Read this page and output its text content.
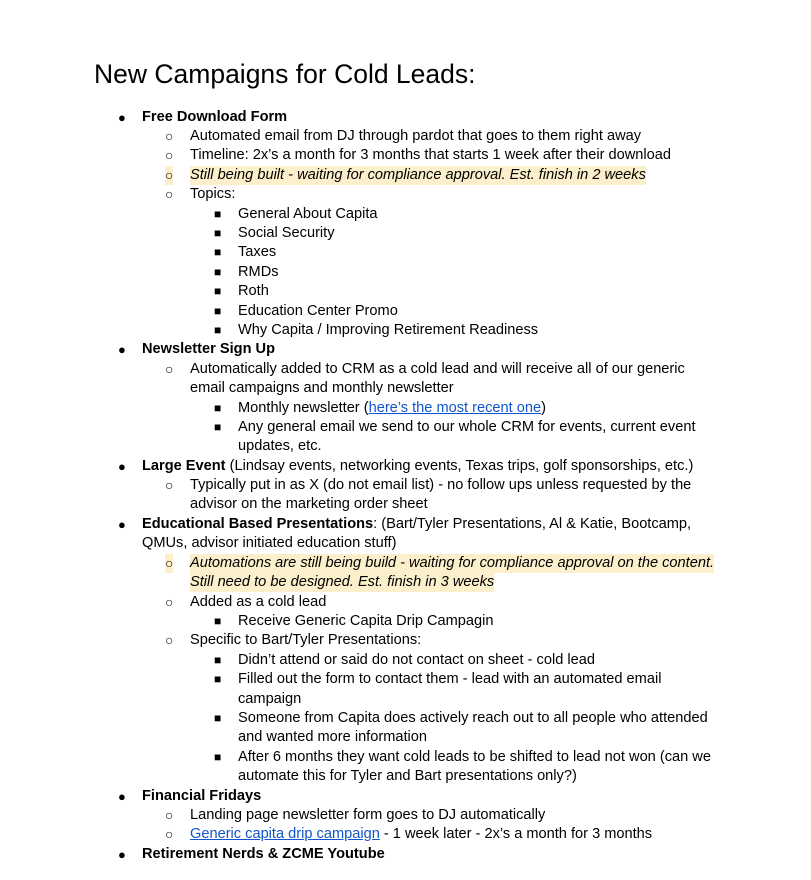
New Campaigns for Cold Leads:
● Free Download Form
○ Automated email from DJ through pardot that goes to them right away
○ Timeline: 2x’s a month for 3 months that starts 1 week after their download
○ Still being built - waiting for compliance approval. Est. finish in 2 weeks
○ Topics:
■ General About Capita
■ Social Security
■ Taxes
■ RMDs
■ Roth
■ Education Center Promo
■ Why Capita / Improving Retirement Readiness
● Newsletter Sign Up
○ Automatically added to CRM as a cold lead and will receive all of our generic
email campaigns and monthly newsletter
■ Monthly newsletter (here’s the most recent one)
■ Any general email we send to our whole CRM for events, current event
updates, etc.
● Large Event (Lindsay events, networking events, Texas trips, golf sponsorships, etc.)
○ Typically put in as X (do not email list) - no follow ups unless requested by the
advisor on the marketing order sheet
● Educational Based Presentations: (Bart/Tyler Presentations, Al & Katie, Bootcamp,
QMUs, advisor initiated education stuff)
○ Automations are still being build - waiting for compliance approval on the content.
Still need to be designed. Est. finish in 3 weeks
○ Added as a cold lead
■ Receive Generic Capita Drip Campagin
○ Specific to Bart/Tyler Presentations:
■ Didn’t attend or said do not contact on sheet - cold lead
■ Filled out the form to contact them - lead with an automated email
campaign
■ Someone from Capita does actively reach out to all people who attended
and wanted more information
■ After 6 months they want cold leads to be shifted to lead not won (can we
automate this for Tyler and Bart presentations only?)
● Financial Fridays
○ Landing page newsletter form goes to DJ automatically
○ Generic capita drip campaign - 1 week later - 2x’s a month for 3 months
● Retirement Nerds & ZCME Youtube
